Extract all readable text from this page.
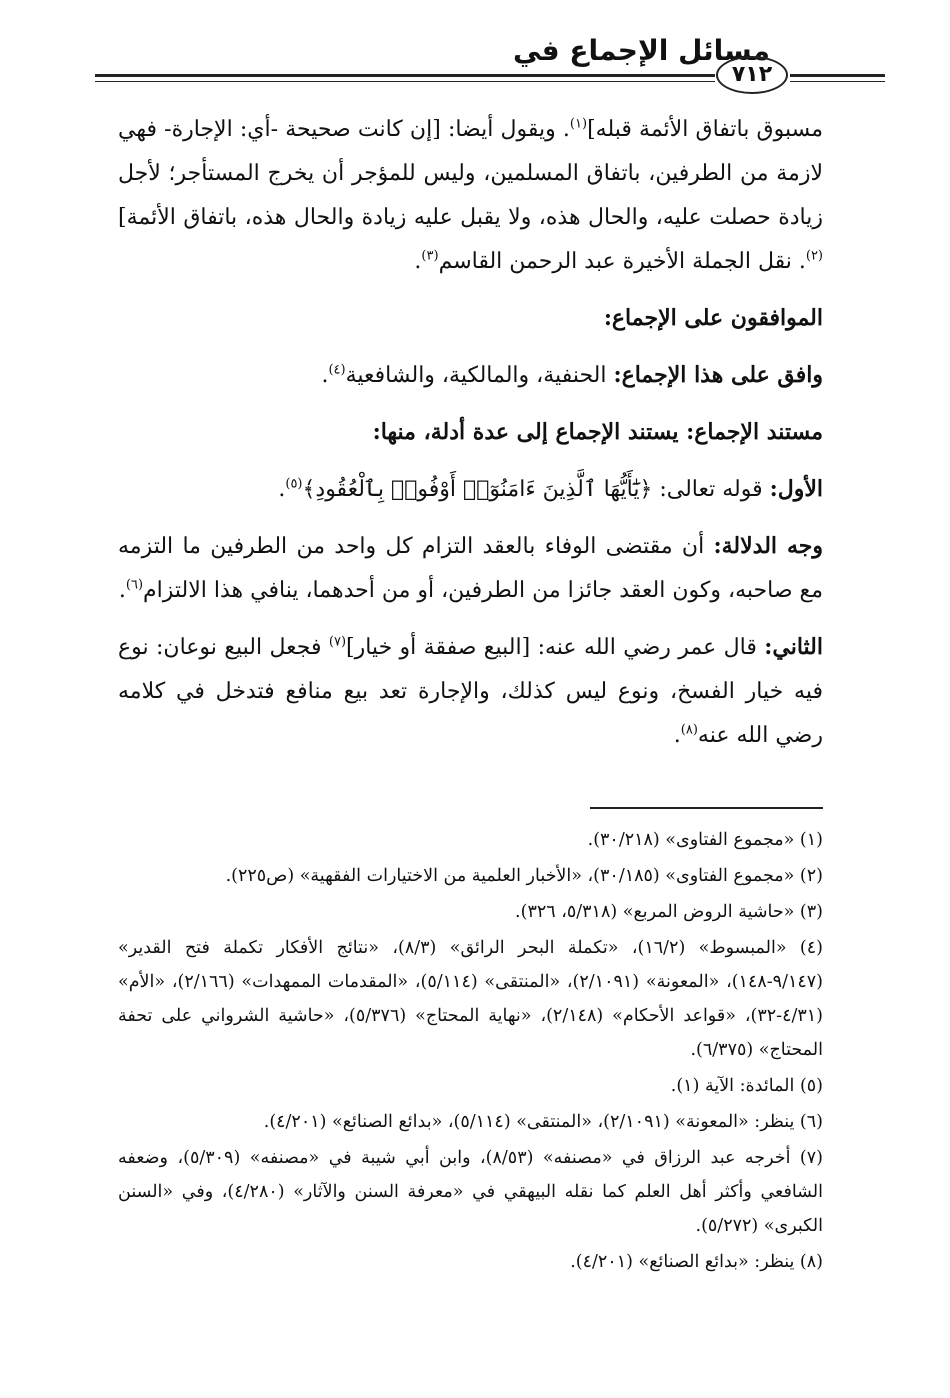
مسائل الإجماع في
٧١٢

مسبوق باتفاق الأئمة قبله]$^{(١)}$. ويقول أيضا: [إن كانت صحيحة -أي: الإجارة- فهي لازمة من الطرفين، باتفاق المسلمين، وليس للمؤجر أن يخرج المستأجر؛ لأجل زيادة حصلت عليه، والحال هذه، ولا يقبل عليه زيادة والحال هذه، باتفاق الأئمة]$^{(٢)}$. نقل الجملة الأخيرة عبد الرحمن القاسم$^{(٣)}$.

الموافقون على الإجماع:

وافق على هذا الإجماع: الحنفية، والمالكية، والشافعية$^{(٤)}$.

مستند الإجماع: يستند الإجماع إلى عدة أدلة، منها:

الأول: قوله تعالى: ﴿يَٰٓأَيُّهَا ٱلَّذِينَ ءَامَنُوٓا۟ أَوْفُوا۟ بِٱلْعُقُودِ﴾$^{(٥)}$.

وجه الدلالة: أن مقتضى الوفاء بالعقد التزام كل واحد من الطرفين ما التزمه مع صاحبه، وكون العقد جائزا من الطرفين، أو من أحدهما، ينافي هذا الالتزام$^{(٦)}$.

الثاني: قال عمر رضي الله عنه: [البيع صفقة أو خيار]$^{(٧)}$ فجعل البيع نوعان: نوع فيه خيار الفسخ، ونوع ليس كذلك، والإجارة تعد بيع منافع فتدخل في كلامه رضي الله عنه$^{(٨)}$.

(١) «مجموع الفتاوى» (٣٠/٢١٨).
(٢) «مجموع الفتاوى» (٣٠/١٨٥)، «الأخبار العلمية من الاختيارات الفقهية» (ص٢٢٥).
(٣) «حاشية الروض المربع» (٥/٣١٨، ٣٢٦).
(٤) «المبسوط» (١٦/٢)، «تكملة البحر الرائق» (٨/٣)، «نتائج الأفكار تكملة فتح القدير» (٩/١٤٧-١٤٨)، «المعونة» (٢/١٠٩١)، «المنتقى» (٥/١١٤)، «المقدمات الممهدات» (٢/١٦٦)، «الأم» (٤/٣١-٣٢)، «قواعد الأحكام» (٢/١٤٨)، «نهاية المحتاج» (٥/٣٧٦)، «حاشية الشرواني على تحفة المحتاج» (٦/٣٧٥).
(٥) المائدة: الآية (١).
(٦) ينظر: «المعونة» (٢/١٠٩١)، «المنتقى» (٥/١١٤)، «بدائع الصنائع» (٤/٢٠١).
(٧) أخرجه عبد الرزاق في «مصنفه» (٨/٥٣)، وابن أبي شيبة في «مصنفه» (٥/٣٠٩)، وضعفه الشافعي وأكثر أهل العلم كما نقله البيهقي في «معرفة السنن والآثار» (٤/٢٨٠)، وفي «السنن الكبرى» (٥/٢٧٢).
(٨) ينظر: «بدائع الصنائع» (٤/٢٠١).
